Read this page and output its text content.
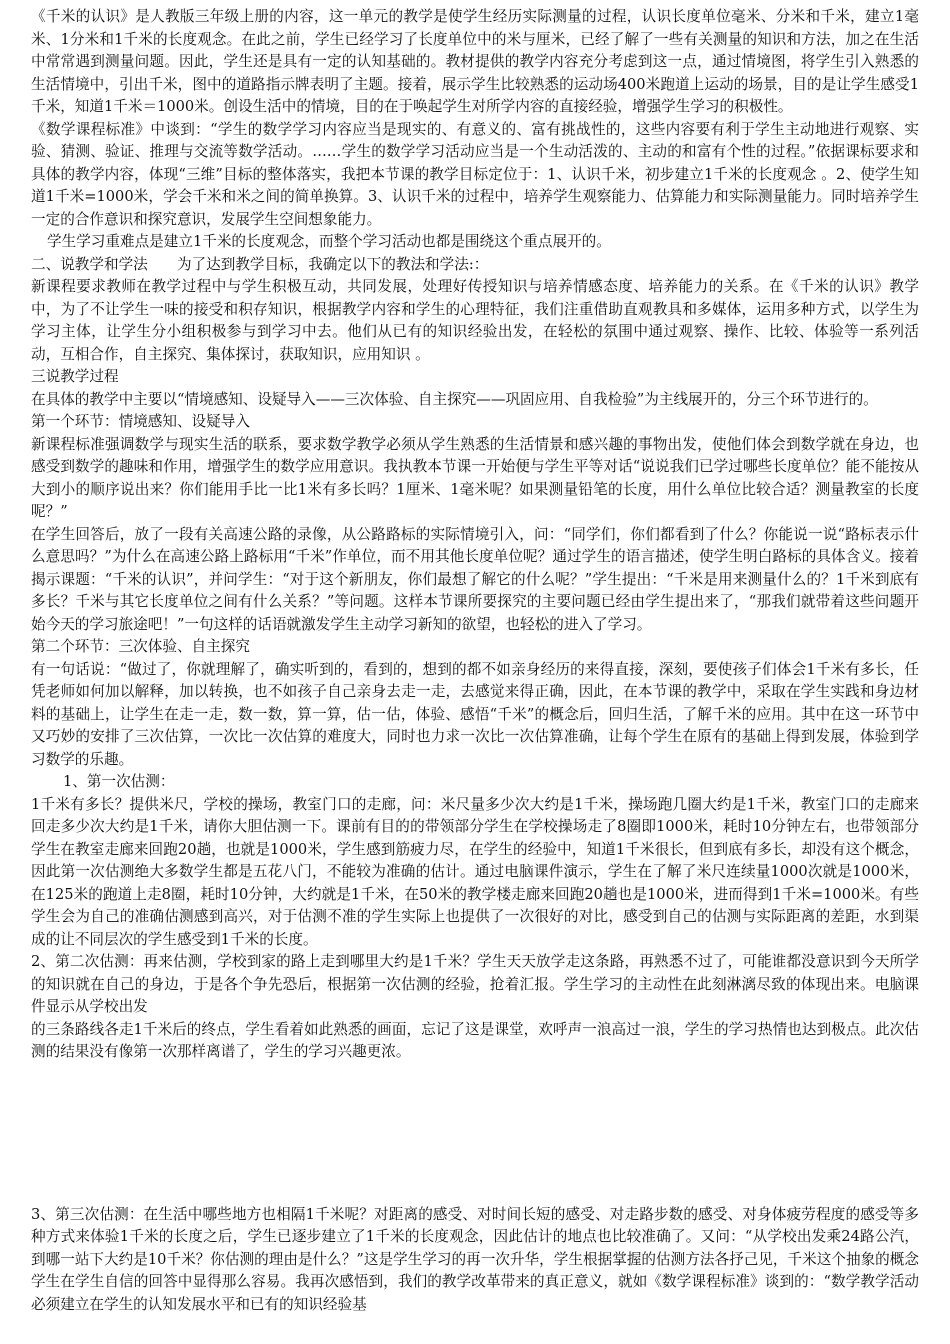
《千米的认识》是人教版三年级上册的内容，这一单元的教学是使学生经历实际测量的过程，认识长度单位毫米、分米和千米，建立1毫米、1分米和1千米的长度观念。在此之前，学生已经学习了长度单位中的米与厘米，已经了解了一些有关测量的知识和方法，加之在生活中常常遇到测量问题。因此，学生还是具有一定的认知基础的。教材提供的教学内容充分考虑到这一点，通过情境图，将学生引入熟悉的生活情境中，引出千米，图中的道路指示牌表明了主题。接着，展示学生比较熟悉的运动场400米跑道上运动的场景，目的是让学生感受1千米，知道1千米＝1000米。创设生活中的情境，目的在于唤起学生对所学内容的直接经验，增强学生学习的积极性。

《数学课程标准》中谈到：“学生的数学学习内容应当是现实的、有意义的、富有挑战性的，这些内容要有利于学生主动地进行观察、实验、猜测、验证、推理与交流等数学活动。……学生的数学学习活动应当是一个生动活泼的、主动的和富有个性的过程。”依据课标要求和具体的教学内容，体现“三维”目标的整体落实，我把本节课的教学目标定位于：1、认识千米，初步建立1千米的长度观念 。2、使学生知道1千米=1000米，学会千米和米之间的简单换算。3、认识千米的过程中，培养学生观察能力、估算能力和实际测量能力。同时培养学生一定的合作意识和探究意识，发展学生空间想象能力。

学生学习重难点是建立1千米的长度观念，而整个学习活动也都是围绕这个重点展开的。

二、说教学和学法　　为了达到教学目标，我确定以下的教法和学法:：

新课程要求教师在教学过程中与学生积极互动，共同发展，处理好传授知识与培养情感态度、培养能力的关系。在《千米的认识》教学中，为了不让学生一味的接受和积存知识，根据教学内容和学生的心理特征，我们注重借助直观教具和多媒体，运用多种方式，以学生为学习主体，让学生分小组积极参与到学习中去。他们从已有的知识经验出发，在轻松的氛围中通过观察、操作、比较、体验等一系列活动，互相合作，自主探究、集体探讨，获取知识，应用知识 。

三说教学过程

在具体的教学中主要以“情境感知、设疑导入——三次体验、自主探究——巩固应用、自我检验”为主线展开的，分三个环节进行的。

第一个环节：情境感知、设疑导入

新课程标准强调数学与现实生活的联系，要求数学教学必须从学生熟悉的生活情景和感兴趣的事物出发，使他们体会到数学就在身边，也感受到数学的趣味和作用，增强学生的数学应用意识。我执教本节课一开始便与学生平等对话“说说我们已学过哪些长度单位？能不能按从大到小的顺序说出来？你们能用手比一比1米有多长吗？1厘米、1毫米呢？如果测量铅笔的长度，用什么单位比较合适？测量教室的长度呢？”

在学生回答后，放了一段有关高速公路的录像，从公路路标的实际情境引入，问：“同学们，你们都看到了什么？你能说一说“路标表示什么意思吗？”为什么在高速公路上路标用“千米”作单位，而不用其他长度单位呢？通过学生的语言描述，使学生明白路标的具体含义。接着揭示课题：“千米的认识”，并问学生：“对于这个新朋友，你们最想了解它的什么呢？”学生提出：“千米是用来测量什么的？1千米到底有多长？千米与其它长度单位之间有什么关系？”等问题。这样本节课所要探究的主要问题已经由学生提出来了，“那我们就带着这些问题开始今天的学习旅途吧！”一句这样的话语就激发学生主动学习新知的欲望，也轻松的进入了学习。

第二个环节：三次体验、自主探究

有一句话说：“做过了，你就理解了，确实听到的，看到的，想到的都不如亲身经历的来得直接，深刻，要使孩子们体会1千米有多长，任凭老师如何加以解释，加以转换，也不如孩子自己亲身去走一走，去感觉来得正确，因此，在本节课的教学中，采取在学生实践和身边材料的基础上，让学生在走一走，数一数，算一算，估一估，体验、感悟“千米”的概念后，回归生活，了解千米的应用。其中在这一环节中又巧妙的安排了三次估算，一次比一次估算的难度大，同时也力求一次比一次估算准确，让每个学生在原有的基础上得到发展，体验到学习数学的乐趣。

1、第一次估测：

1千米有多长？提供米尺，学校的操场，教室门口的走廊，问：米尺量多少次大约是1千米，操场跑几圈大约是1千米，教室门口的走廊来回走多少次大约是1千米，请你大胆估测一下。课前有目的的带领部分学生在学校操场走了8圈即1000米，耗时10分钟左右，也带领部分学生在教室走廊来回跑20趟，也就是1000米，学生感到筋疲力尽，在学生的经验中，知道1千米很长，但到底有多长，却没有这个概念，因此第一次估测绝大多数学生都是五花八门，不能较为准确的估计。通过电脑课件演示，学生在了解了米尺连续量1000次就是1000米，在125米的跑道上走8圈，耗时10分钟，大约就是1千米，在50米的教学楼走廊来回跑20趟也是1000米，进而得到1千米=1000米。有些学生会为自己的准确估测感到高兴，对于估测不准的学生实际上也提供了一次很好的对比，感受到自己的估测与实际距离的差距，水到渠成的让不同层次的学生感受到1千米的长度。

2、第二次估测：再来估测，学校到家的路上走到哪里大约是1千米？学生天天放学走这条路，再熟悉不过了，可能谁都没意识到今天所学的知识就在自己的身边，于是各个争先恐后，根据第一次估测的经验，抢着汇报。学生学习的主动性在此刻淋漓尽致的体现出来。电脑课件显示从学校出发

的三条路线各走1千米后的终点，学生看着如此熟悉的画面，忘记了这是课堂，欢呼声一浪高过一浪，学生的学习热情也达到极点。此次估测的结果没有像第一次那样离谱了，学生的学习兴趣更浓。

3、第三次估测：在生活中哪些地方也相隔1千米呢？对距离的感受、对时间长短的感受、对走路步数的感受、对身体疲劳程度的感受等多种方式来体验1千米的长度之后，学生已逐步建立了1千米的长度观念，因此估计的地点也比较准确了。又问：“从学校出发乘24路公汽，到哪一站下大约是10千米？你估测的理由是什么？”这是学生学习的再一次升华，学生根据掌握的估测方法各抒己见，千米这个抽象的概念学生在学生自信的回答中显得那么容易。我再次感悟到，我们的教学改革带来的真正意义，就如《数学课程标准》谈到的：“数学教学活动必须建立在学生的认知发展水平和已有的知识经验基
